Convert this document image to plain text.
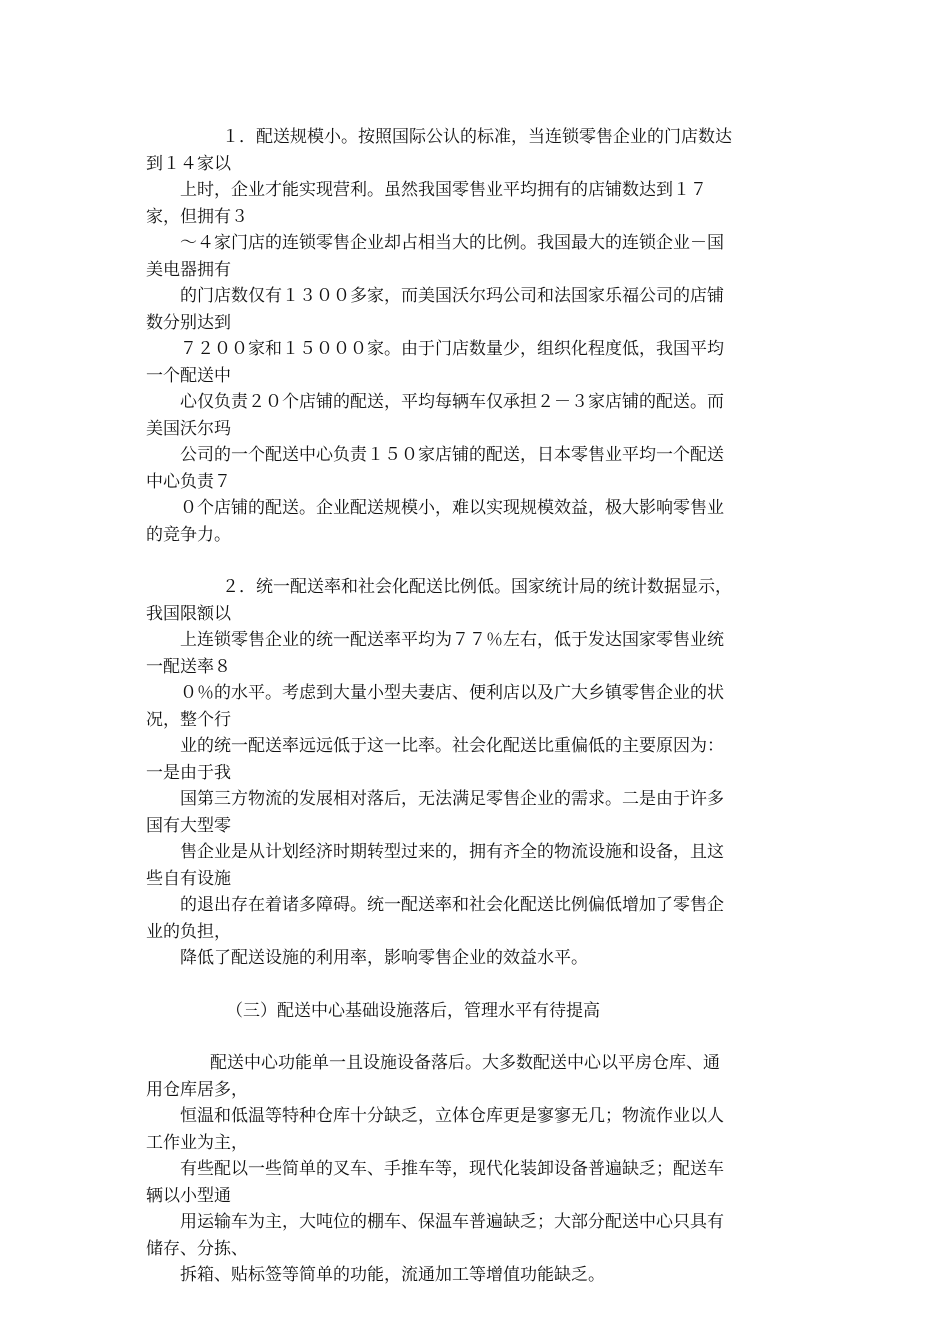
１．配送规模小。按照国际公认的标准，当连锁零售企业的门店数达
到１４家以
上时，企业才能实现营利。虽然我国零售业平均拥有的店铺数达到１７
家，但拥有３
～４家门店的连锁零售企业却占相当大的比例。我国最大的连锁企业－国
美电器拥有
的门店数仅有１３００多家，而美国沃尔玛公司和法国家乐福公司的店铺
数分别达到
７２００家和１５０００家。由于门店数量少，组织化程度低，我国平均
一个配送中
心仅负责２０个店铺的配送，平均每辆车仅承担２－３家店铺的配送。而
美国沃尔玛
公司的一个配送中心负责１５０家店铺的配送，日本零售业平均一个配送
中心负责７
０个店铺的配送。企业配送规模小，难以实现规模效益，极大影响零售业
的竞争力。
２．统一配送率和社会化配送比例低。国家统计局的统计数据显示，
我国限额以
上连锁零售企业的统一配送率平均为７７％左右，低于发达国家零售业统
一配送率８
０％的水平。考虑到大量小型夫妻店、便利店以及广大乡镇零售企业的状
况，整个行
业的统一配送率远远低于这一比率。社会化配送比重偏低的主要原因为：
一是由于我
国第三方物流的发展相对落后，无法满足零售企业的需求。二是由于许多
国有大型零
售企业是从计划经济时期转型过来的，拥有齐全的物流设施和设备，且这
些自有设施
的退出存在着诸多障碍。统一配送率和社会化配送比例偏低增加了零售企
业的负担，
降低了配送设施的利用率，影响零售企业的效益水平。
（三）配送中心基础设施落后，管理水平有待提高
配送中心功能单一且设施设备落后。大多数配送中心以平房仓库、通
用仓库居多，
恒温和低温等特种仓库十分缺乏，立体仓库更是寥寥无几；物流作业以人
工作业为主，
有些配以一些简单的叉车、手推车等，现代化装卸设备普遍缺乏；配送车
辆以小型通
用运输车为主，大吨位的棚车、保温车普遍缺乏；大部分配送中心只具有
储存、分拣、
拆箱、贴标签等简单的功能，流通加工等增值功能缺乏。
